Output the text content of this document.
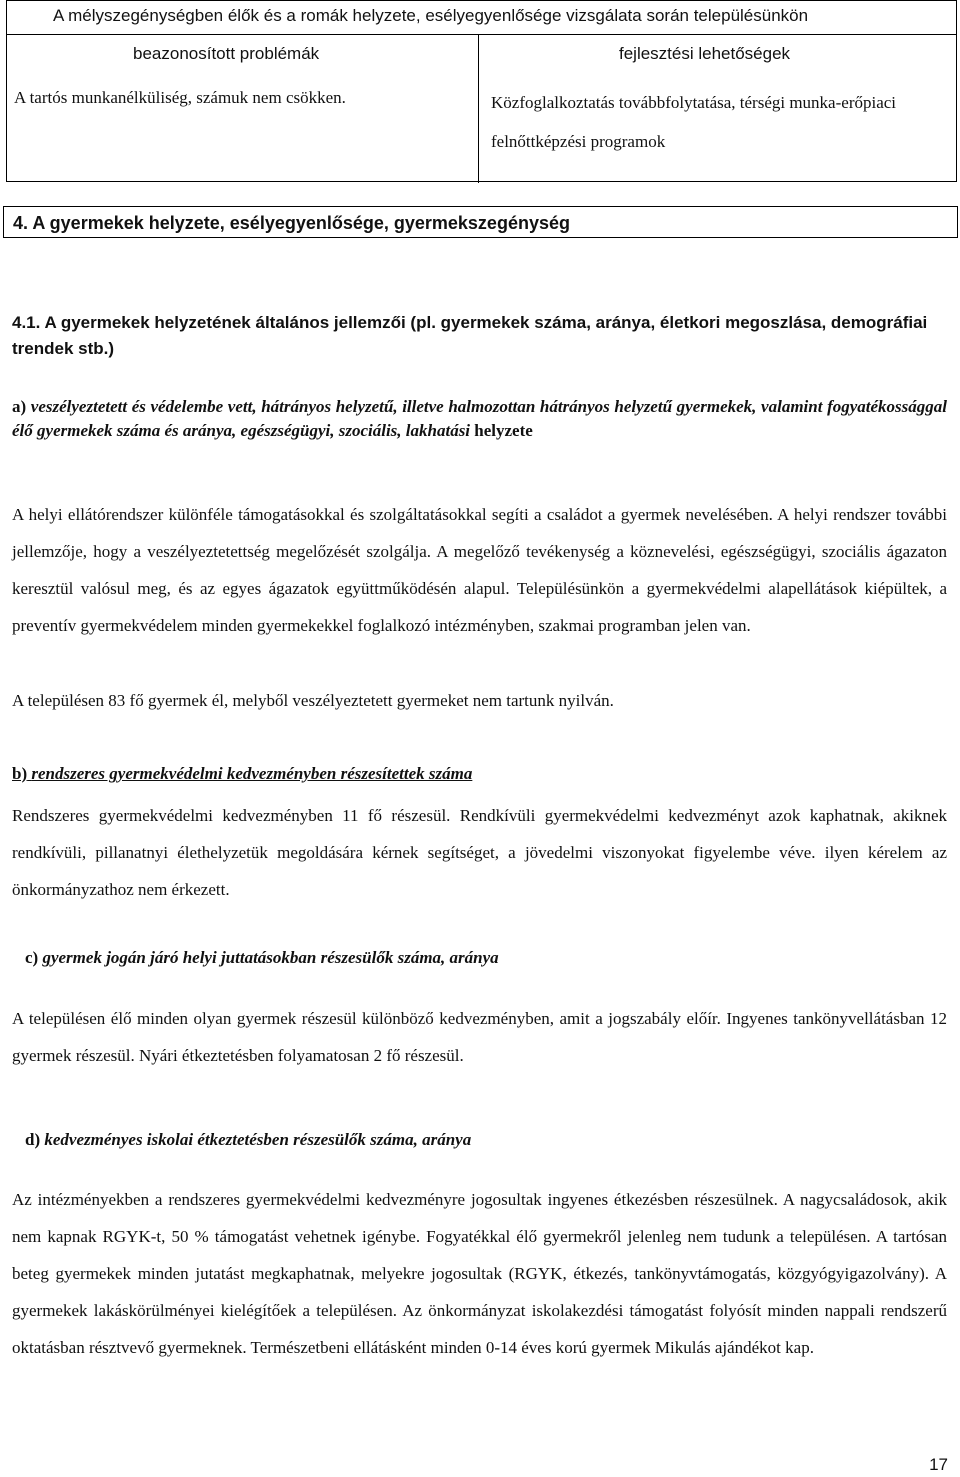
A mélyszegénységben élők és a romák helyzete, esélyegyenlősége vizsgálata során településünkön
beazonosított problémák	fejlesztési lehetőségek
A tartós munkanélküliség, számuk nem csökken.	Közfoglalkoztatás továbbfolytatása, térségi munka-erőpiaci felnőttképzési programok
4. A gyermekek helyzete, esélyegyenlősége, gyermekszegénység
4.1. A gyermekek helyzetének általános jellemzői (pl. gyermekek száma, aránya, életkori megoszlása, demográfiai trendek stb.)
a) veszélyeztetett és védelembe vett, hátrányos helyzetű, illetve halmozottan hátrányos helyzetű gyermekek, valamint fogyatékossággal élő gyermekek száma és aránya, egészségügyi, szociális, lakhatási helyzete
A helyi ellátórendszer különféle támogatásokkal és szolgáltatásokkal segíti a családot a gyermek nevelésében. A helyi rendszer további jellemzője, hogy a veszélyeztetettség megelőzését szolgálja. A megelőző tevékenység a köznevelési, egészségügyi, szociális ágazaton keresztül valósul meg, és az egyes ágazatok együttműködésén alapul. Településünkön a gyermekvédelmi alapellátások kiépültek, a preventív gyermekvédelem minden gyermekekkel foglalkozó intézményben, szakmai programban jelen van.
A településen 83 fő gyermek él, melyből veszélyeztetett gyermeket nem tartunk nyilván.
b) rendszeres gyermekvédelmi kedvezményben részesítettek száma
Rendszeres gyermekvédelmi kedvezményben 11 fő részesül. Rendkívüli gyermekvédelmi kedvezményt azok kaphatnak, akiknek rendkívüli, pillanatnyi élethelyzetük megoldására kérnek segítséget, a jövedelmi viszonyokat figyelembe véve. ilyen kérelem az önkormányzathoz nem érkezett.
c) gyermek jogán járó helyi juttatásokban részesülők száma, aránya
A településen élő minden olyan gyermek részesül különböző kedvezményben, amit a jogszabály előír. Ingyenes tankönyvellátásban 12 gyermek részesül. Nyári étkeztetésben folyamatosan 2 fő részesül.
d) kedvezményes iskolai étkeztetésben részesülők száma, aránya
Az intézményekben a rendszeres gyermekvédelmi kedvezményre jogosultak ingyenes étkezésben részesülnek. A nagycsaládosok, akik nem kapnak RGYK-t, 50 % támogatást vehetnek igénybe. Fogyatékkal élő gyermekről jelenleg nem tudunk a településen. A tartósan beteg gyermekek minden jutatást megkaphatnak, melyekre jogosultak (RGYK, étkezés, tankönyvtámogatás, közgyógyigazolvány). A gyermekek lakáskörülményei kielégítőek a településen. Az önkormányzat iskolakezdési támogatást folyósít minden nappali rendszerű oktatásban résztvevő gyermeknek. Természetbeni ellátásként minden 0-14 éves korú gyermek Mikulás ajándékot kap.
17
